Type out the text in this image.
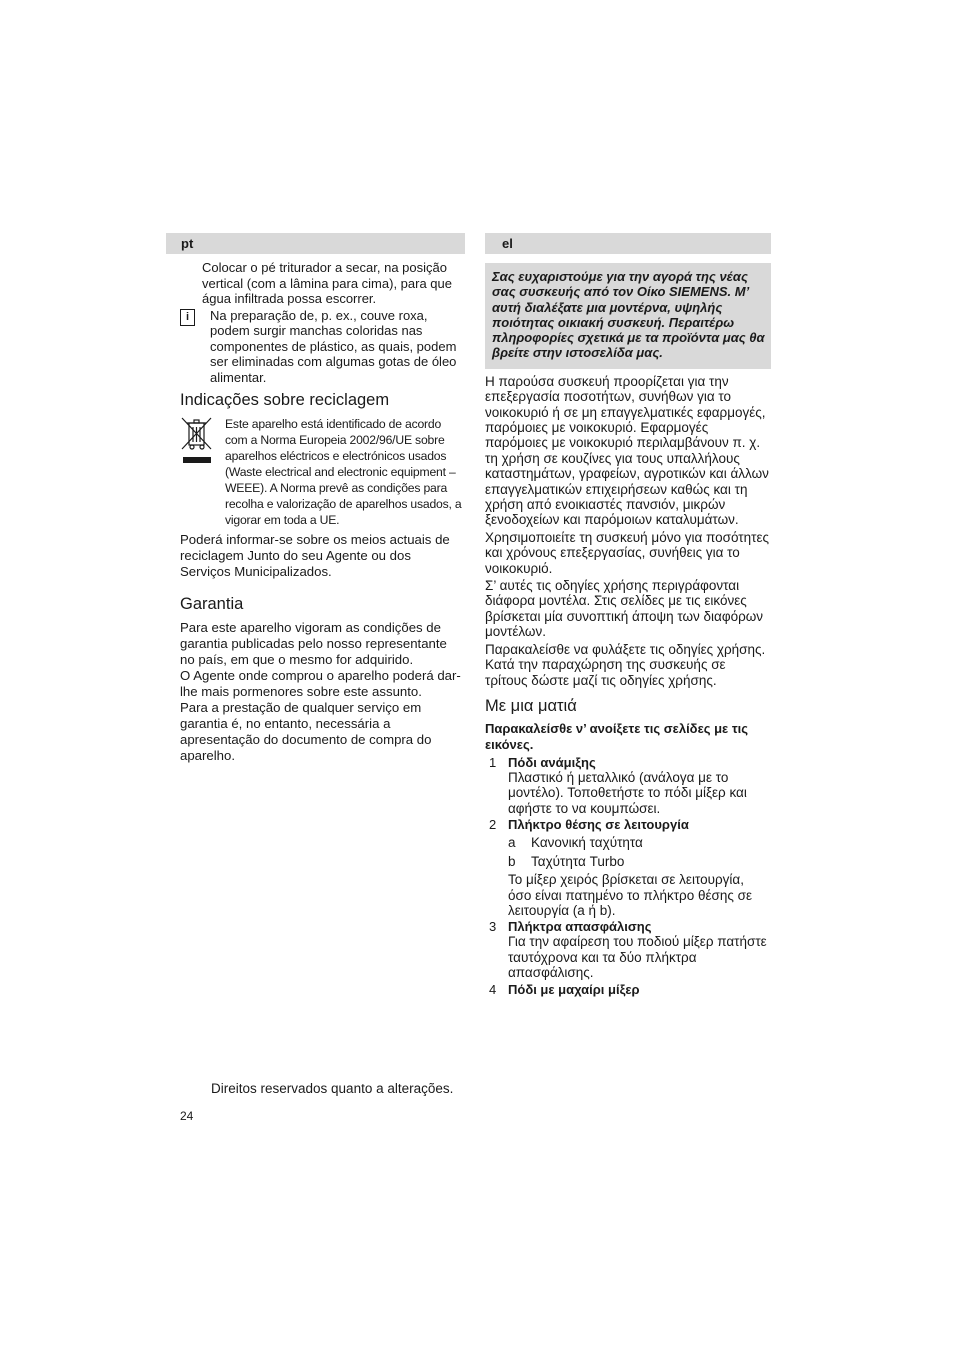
pt

Colocar o pé triturador a secar, na posição vertical (com a lâmina para cima), para que água infiltrada possa escorrer.

i	Na preparação de, p. ex., couve roxa, podem surgir manchas coloridas nas componentes de plástico, as quais, podem ser eliminadas com algumas gotas de óleo alimentar.

Indicações sobre reciclagem

Este aparelho está identificado de acordo com a Norma Europeia 2002/96/UE sobre aparelhos eléctricos e electrónicos usados (Waste electrical and electronic equipment – WEEE). A Norma prevê as condições para recolha e valorização de aparelhos usados, a vigorar em toda a UE.

Poderá informar-se sobre os meios actuais de reciclagem Junto do seu Agente ou dos Serviços Municipalizados.

Garantia

Para este aparelho vigoram as condições de garantia publicadas pelo nosso representante no país, em que o mesmo for adquirido.

O Agente onde comprou o aparelho poderá dar-lhe mais pormenores sobre este assunto.

Para a prestação de qualquer serviço em garantia é, no entanto, necessária a apresentação do documento de compra do aparelho.

el
Σας ευχαριστούμε για την αγορά της νέας σας συσκευής από τον Οίκο SIEMENS. Μ’ αυτή διαλέξατε μια μοντέρνα, υψηλής ποιότητας οικιακή συσκευή. Περαιτέρω πληροφορίες σχετικά με τα προϊόντα μας θα βρείτε στην ιστοσελίδα μας.

Η παρούσα συσκευή προορίζεται για την επεξεργασία ποσοτήτων, συνήθων για το νοικοκυριό ή σε μη επαγγελματικές εφαρμογές, παρόμοιες με νοικοκυριό. Εφαρμογές παρόμοιες με νοικοκυριό περιλαμβάνουν π. χ. τη χρήση σε κουζίνες για τους υπαλλήλους καταστημάτων, γραφείων, αγροτικών και άλλων επαγγελματικών επιχειρήσεων καθώς και τη χρήση από ενοικιαστές πανσιόν, μικρών ξενοδοχείων και παρόμοιων καταλυμάτων.

Χρησιμοποιείτε τη συσκευή μόνο για ποσότητες και χρόνους επεξεργασίας, συνήθεις για το νοικοκυριό.

Σ’ αυτές τις οδηγίες χρήσης περιγράφονται διάφορα μοντέλα. Στις σελίδες με τις εικόνες βρίσκεται μία συνοπτική άποψη των διαφόρων μοντέλων.

Παρακαλείσθε να φυλάξετε τις οδηγίες χρήσης. Κατά την παραχώρηση της συσκευής σε τρίτους δώστε μαζί τις οδηγίες χρήσης.

Με μια ματιά

Παρακαλείσθε ν’ ανοίξετε τις σελίδες με τις εικόνες.

1 Πόδι ανάμιξης

Πλαστικό ή μεταλλικό (ανάλογα με το μοντέλο). Τοποθετήστε το πόδι μίξερ και αφήστε το να κουμπώσει.

2 Πλήκτρο θέσης σε λειτουργία
a	Κανονική ταχύτητα
b	Ταχύτητα Turbo

Το μίξερ χειρός βρίσκεται σε λειτουργία, όσο είναι πατημένο το πλήκτρο θέσης σε λειτουργία (a ή b).

3 Πλήκτρα απασφάλισης

Για την αφαίρεση του ποδιού μίξερ πατήστε ταυτόχρονα και τα δύο πλήκτρα απασφάλισης.

4 Πόδι με μαχαίρι μίξερ
Direitos reservados quanto a alterações.
24
